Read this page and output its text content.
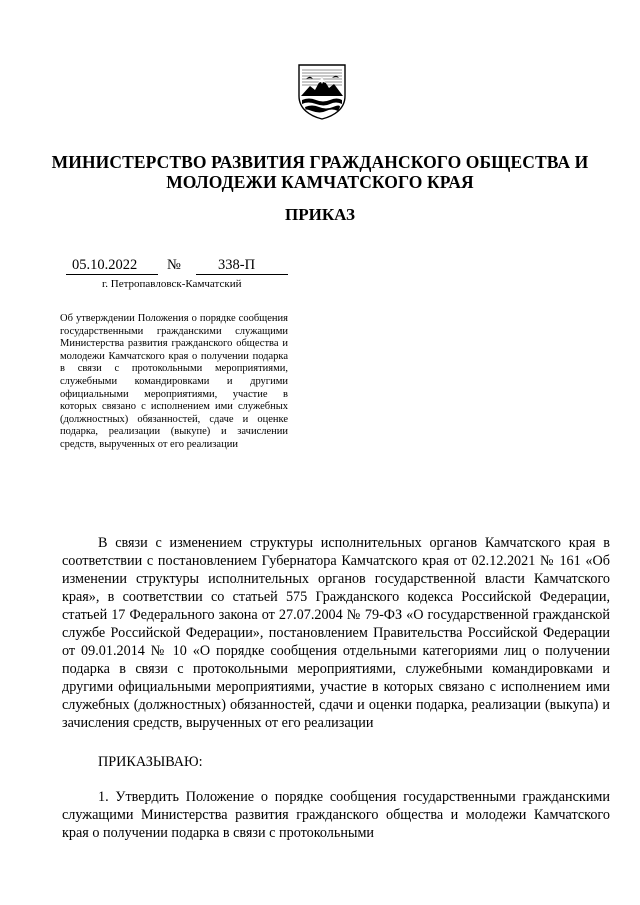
МИНИСТЕРСТВО РАЗВИТИЯ ГРАЖДАНСКОГО ОБЩЕСТВА И
МОЛОДЕЖИ КАМЧАТСКОГО КРАЯ
ПРИКАЗ
05.10.2022 №	338-П
г. Петропавловск-Камчатский
Об утверждении Положения о порядке сообщения государственными гражданскими служащими Министерства развития гражданского общества и молодежи Камчатского края о получении подарка в связи с протокольными мероприятиями, служебными командировками и другими официальными мероприятиями, участие в которых связано с исполнением ими служебных (должностных) обязанностей, сдаче и оценке подарка, реализации (выкупе) и зачислении средств, вырученных от его реализации
В связи с изменением структуры исполнительных органов Камчатского края в соответствии с постановлением Губернатора Камчатского края от 02.12.2021 № 161 «Об изменении структуры исполнительных органов государственной власти Камчатского края», в соответствии со статьей 575 Гражданского кодекса Российской Федерации, статьей 17 Федерального закона от 27.07.2004 № 79-ФЗ «О государственной гражданской службе Российской Федерации», постановлением Правительства Российской Федерации от 09.01.2014 № 10 «О порядке сообщения отдельными категориями лиц о получении подарка в связи с протокольными мероприятиями, служебными командировками и другими официальными мероприятиями, участие в которых связано с исполнением ими служебных (должностных) обязанностей, сдачи и оценки подарка, реализации (выкупа) и зачисления средств, вырученных от его реализации
ПРИКАЗЫВАЮ:
1. Утвердить Положение о порядке сообщения государственными гражданскими служащими Министерства развития гражданского общества и молодежи Камчатского края о получении подарка в связи с протокольными
